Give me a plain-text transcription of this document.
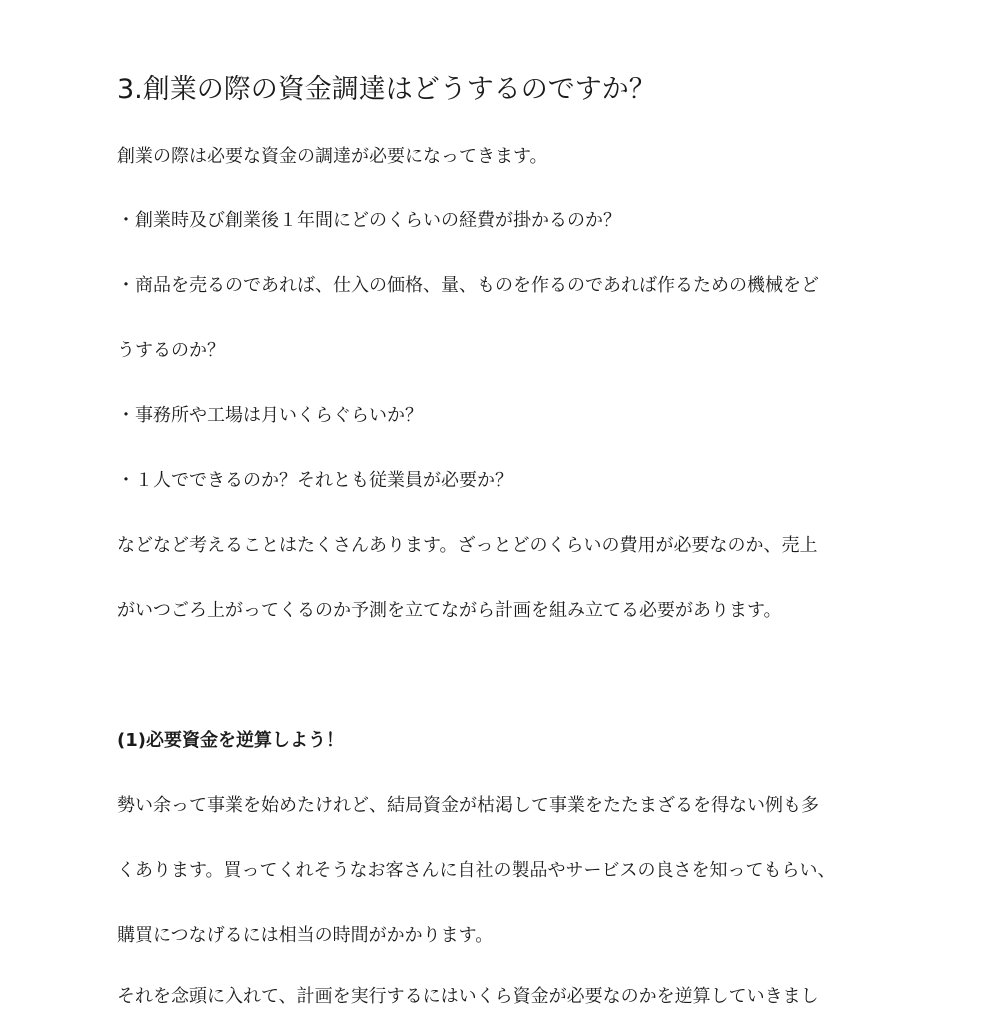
3.創業の際の資金調達はどうするのですか？

創業の際は必要な資金の調達が必要になってきます。

・創業時及び創業後１年間にどのくらいの経費が掛かるのか？

・商品を売るのであれば、仕入の価格、量、ものを作るのであれば作るための機械をど

うするのか？

・事務所や工場は月いくらぐらいか？

・１人でできるのか？それとも従業員が必要か？

などなど考えることはたくさんあります。ざっとどのくらいの費用が必要なのか、売上

がいつごろ上がってくるのか予測を立てながら計画を組み立てる必要があります。

(1)必要資金を逆算しよう！

勢い余って事業を始めたけれど、結局資金が枯渇して事業をたたまざるを得ない例も多

くあります。買ってくれそうなお客さんに自社の製品やサービスの良さを知ってもらい、

購買につなげるには相当の時間がかかります。

それを念頭に入れて、計画を実行するにはいくら資金が必要なのかを逆算していきまし
